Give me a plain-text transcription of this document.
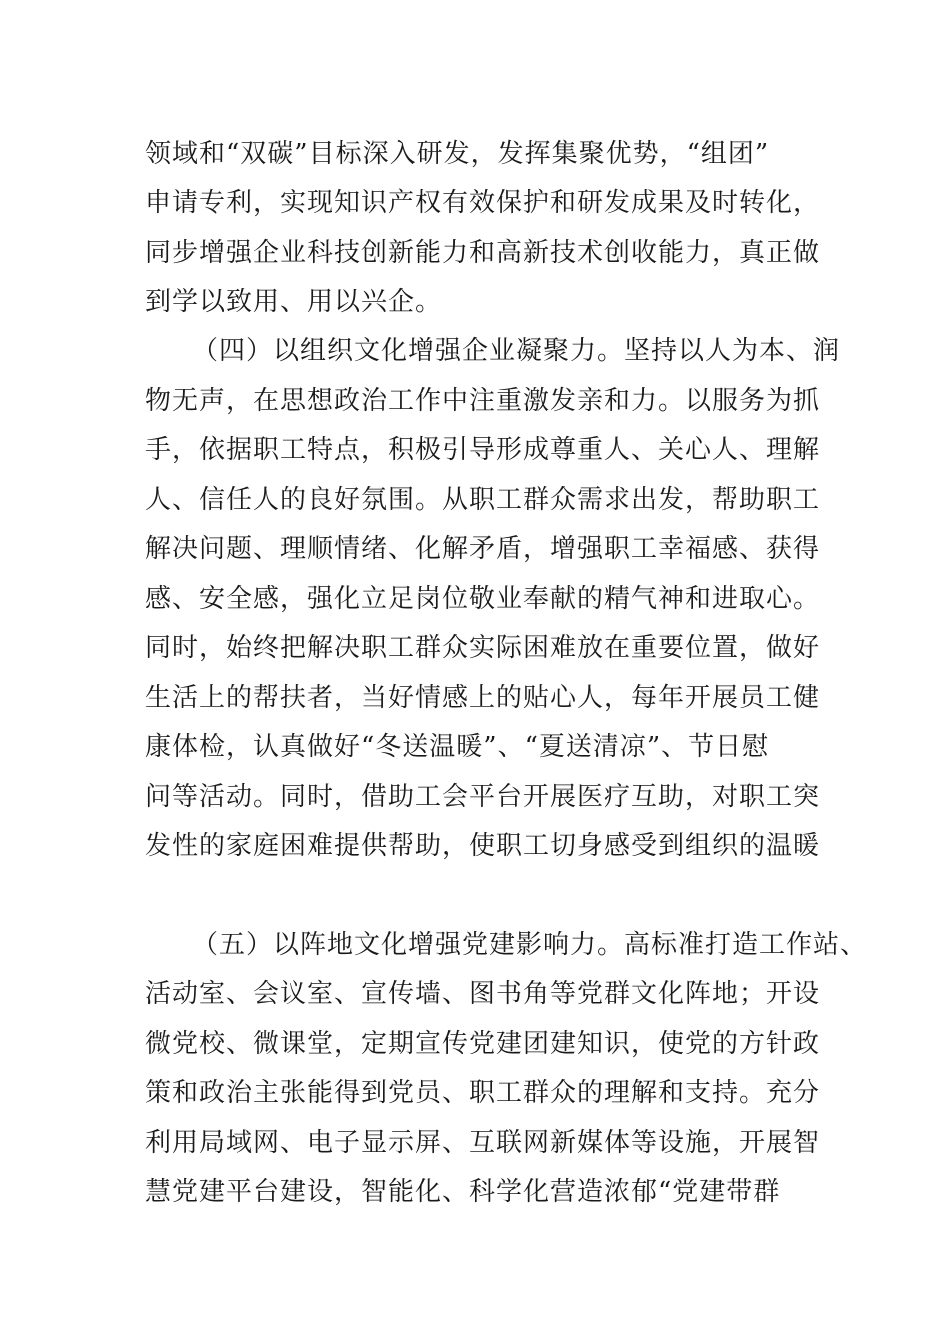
领域和“双碳”目标深入研发，发挥集聚优势，“组团”
申请专利，实现知识产权有效保护和研发成果及时转化，
同步增强企业科技创新能力和高新技术创收能力，真正做
到学以致用、用以兴企。
（四）以组织文化增强企业凝聚力。坚持以人为本、润
物无声，在思想政治工作中注重激发亲和力。以服务为抓
手，依据职工特点，积极引导形成尊重人、关心人、理解
人、信任人的良好氛围。从职工群众需求出发，帮助职工
解决问题、理顺情绪、化解矛盾，增强职工幸福感、获得
感、安全感，强化立足岗位敬业奉献的精气神和进取心。
同时，始终把解决职工群众实际困难放在重要位置，做好
生活上的帮扶者，当好情感上的贴心人，每年开展员工健
康体检，认真做好“冬送温暖”、“夏送清凉”、节日慰
问等活动。同时，借助工会平台开展医疗互助，对职工突
发性的家庭困难提供帮助，使职工切身感受到组织的温暖
（五）以阵地文化增强党建影响力。高标准打造工作站、
活动室、会议室、宣传墙、图书角等党群文化阵地；开设
微党校、微课堂，定期宣传党建团建知识，使党的方针政
策和政治主张能得到党员、职工群众的理解和支持。充分
利用局域网、电子显示屏、互联网新媒体等设施，开展智
慧党建平台建设，智能化、科学化营造浓郁“党建带群
